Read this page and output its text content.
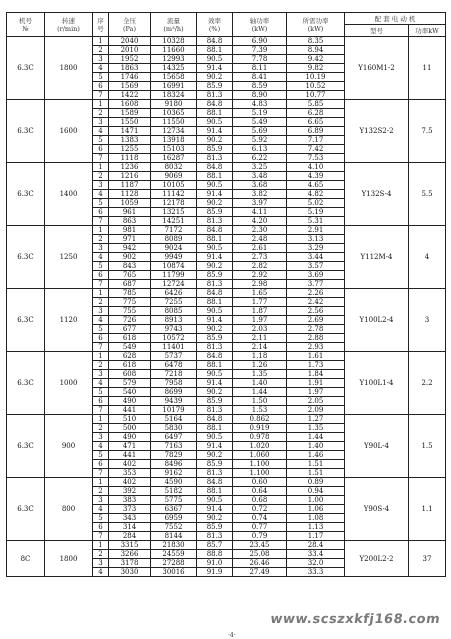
机号
№	转速
(r/min)	序
号	全压
(Pa)	流量
(m³/h)	效率
(%)	轴功率
(kW)	所需功率
(kW)	配 套 电 动 机	
								型号	功率kW
6.3C	1800	1	2040	10328	84.8	6.90	8.35	Y160M1-2	11
		2	2010	11660	88.1	7.39	8.94		
		3	1952	12993	90.5	7.78	9.42		
		4	1863	14325	91.4	8.11	9.82		
		5	1746	15658	90.2	8.41	10.19		
		6	1569	16991	85.9	8.59	10.52		
		7	1422	18324	81.3	8.90	10.77		
6.3C	1600	1	1608	9180	84.8	4.83	5.85	Y132S2-2	7.5
		2	1589	10365	88.1	5.19	6.28		
		3	1550	11550	90.5	5.49	6.65		
		4	1471	12734	91.4	5.69	6.89		
		5	1383	13918	90.2	5.92	7.17		
		6	1255	15103	85.9	6.13	7.42		
		7	1118	16287	81.3	6.22	7.53		
6.3C	1400	1	1236	8032	84.8	3.25	4.10	Y132S-4	5.5
		2	1216	9069	88.1	3.48	4.39		
		3	1187	10105	90.5	3.68	4.65		
		4	1128	11142	91.4	3.82	4.82		
		5	1059	12178	90.2	3.97	5.02		
		6	961	13215	85.9	4.11	5.19		
		7	863	14251	81.3	4.20	5.31		
6.3C	1250	1	981	7172	84.8	2.30	2.91	Y112M-4	4
		2	971	8089	88.1	2.48	3.13		
		3	942	9024	90.5	2.61	3.29		
		4	902	9949	91.4	2.73	3.44		
		5	843	10874	90.2	2.82	3.57		
		6	765	11799	85.9	2.92	3.69		
		7	687	12724	81.3	2.98	3.77		
6.3C	1120	1	785	6426	84.8	1.65	2.26	Y100L2-4	3
		2	775	7255	88.1	1.77	2.42		
		3	755	8085	90.5	1.87	2.56		
		4	726	8913	91.4	1.97	2.69		
		5	677	9743	90.2	2.03	2.78		
		6	618	10572	85.9	2.11	2.88		
		7	549	11401	81.3	2.14	2.93		
6.3C	1000	1	628	5737	84.8	1.18	1.61	Y100L1-4	2.2
		2	618	6478	88.1	1.26	1.73		
		3	608	7218	90.5	1.35	1.84		
		4	579	7958	91.4	1.40	1.91		
		5	540	8699	90.2	1.44	1.97		
		6	490	9439	85.9	1.50	2.05		
		7	441	10179	81.3	1.53	2.09		
6.3C	900	1	510	5164	84.8	0.862	1.27	Y90L-4	1.5
		2	500	5830	88.1	0.919	1.35		
		3	490	6497	90.5	0.978	1.44		
		4	471	7163	91.4	1.020	1.40		
		5	441	7829	90.2	1.060	1.46		
		6	402	8496	85.9	1.100	1.51		
		7	353	9162	81.3	1.100	1.51		
6.3C	800	1	402	4590	84.8	0.60	0.89	Y90S-4	1.1
		2	392	5182	88.1	0.64	0.94		
		3	383	5775	90.5	0.68	1.00		
		4	373	6367	91.4	0.72	1.06		
		5	343	6959	90.2	0.74	1.08		
		6	314	7552	85.9	0.77	1.13		
		7	284	8144	81.3	0.79	1.17		
8C	1800	1	3315	21830	85.7	23.45	28.4	Y200L2-2	37
		2	3266	24559	88.8	25.08	33.4		
		3	3178	27288	91.0	26.46	32.0		
		4	3030	30016	91.9	27.49	33.3		
www.scszxkfj168.com
·4·
